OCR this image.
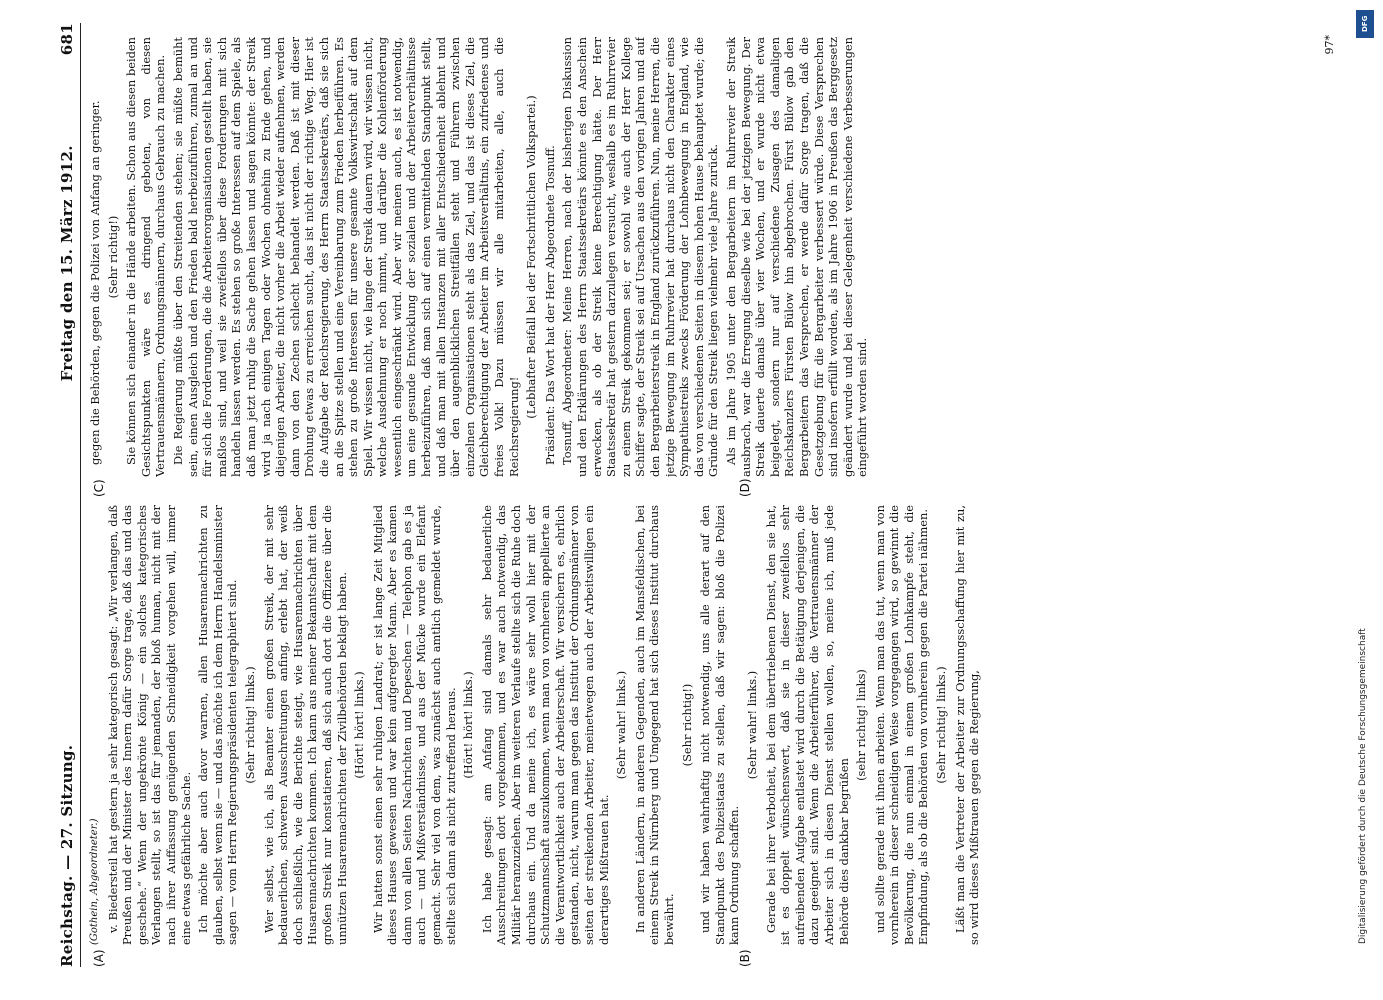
Reichstag. — 27. Sitzung.
Freitag den 15. März 1912.
681
(A)	(B)
(C)	(D)

(Gothein, Abgeordneter.) v. Biedersteil hat gestern ja sehr kategorisch gesagt: „Wir verlangen, daß Preußen und der Minister des Innern dafür Sorge trage, daß das und das geschehe.“ Wenn der ungekrönte König — ein solches kategorisches Verlangen stellt, so ist das für jemanden, der bloß human, nicht mit der nach ihrer Auffassung genügenden Schneidigkeit vorgehen will, immer eine etwas gefährliche Sache. Ich möchte aber auch davor warnen, allen Husarennachrichten zu glauben, selbst wenn sie — und das möchte ich dem Herrn Handelsminister sagen — vom Herrn Regierungspräsidenten telegraphiert sind. (Sehr richtig! links.) Wer selbst, wie ich, als Beamter einen großen Streik, der mit sehr bedauerlichen, schweren Ausschreitungen anfing, erlebt hat, der weiß doch schließlich, wie die Berichte steigt, wie Husarennachrichten über Husarennachrichten kommen. Ich kann aus meiner Bekanntschaft mit dem großen Streik nur konstatieren, daß sich auch dort die Offiziere über die unnützen Husarennachrichten der Zivilbehörden beklagt haben. (Hört! hört! links.) Wir hatten sonst einen sehr ruhigen Landrat; er ist lange Zeit Mitglied dieses Hauses gewesen und war kein aufgeregter Mann. Aber es kamen dann von allen Seiten Nachrichten und Depeschen — Telephon gab es ja auch — und Mißverständnisse, und aus der Mücke wurde ein Elefant gemacht. Sehr viel von dem, was zunächst auch amtlich gemeldet wurde, stellte sich dann als nicht zutreffend heraus. (Hört! hört! links.) Ich habe gesagt: am Anfang sind damals sehr bedauerliche Ausschreitungen dort vorgekommen, und es war auch notwendig, das Militär heranzuziehen. Aber im weiteren Verlaufe stellte sich die Ruhe doch durchaus ein. Und da meine ich, es wäre sehr wohl hier mit der Schutzmannschaft auszukommen, wenn man von vornherein appellierte an die Verantwortlichkeit auch der Arbeiterschaft. Wir versichern es, ehrlich gestanden, nicht, warum man gegen das Institut der Ordnungsmänner von seiten der streikenden Arbeiter, meinetwegen auch der Arbeitswilligen ein derartiges Mißtrauen hat.

(Sehr wahr! links.) In anderen Ländern, in anderen Gegenden, auch im Mansfeldischen, bei einem Streik in Nürnberg und Umgegend hat sich dieses Institut durchaus bewährt.

(Sehr richtig!) und wir haben wahrhaftig nicht notwendig, uns alle derart auf den Standpunkt des Polizeistaats zu stellen, daß wir sagen: bloß die Polizei kann Ordnung schaffen.

(Sehr wahr! links.) Gerade bei ihrer Verbotheit, bei dem übertriebenen Dienst, den sie hat, ist es doppelt wünschenswert, daß sie in dieser zweifellos sehr aufreibenden Aufgabe entlastet wird durch die Betätigung derjenigen, die dazu geeignet sind. Wenn die Arbeiterführer, die Vertrauensmänner der Arbeiter sich in diesen Dienst stellen wollen, so, meine ich, muß jede Behörde dies dankbar begrüßen

(sehr richtig! links) und sollte gerade mit ihnen arbeiten. Wenn man das tut, wenn man von vornherein in dieser schneidigen Weise vorgegangen wird, so gewinnt die Bevölkerung, die nun einmal in einem großen Lohnkampfe steht, die Empfindung, als ob die Behörden von vornherein gegen die Partei nähmen. (Sehr richtig! links.) Läßt man die Vertreter der Arbeiter zur Ordnungsschaffung hier mit zu, so wird dieses Mißtrauen gegen die Regierung,

gegen die Behörden, gegen die Polizei von Anfang an geringer. (Sehr richtig!) Sie können sich einander in die Hände arbeiten. Schon aus diesen beiden Gesichtspunkten wäre es dringend geboten, von diesen Vertrauensmännern, Ordnungsmännern, durchaus Gebrauch zu machen. Die Regierung müßte über den Streitenden stehen; sie müßte bemüht sein, einen Ausgleich und den Frieden bald herbeizuführen, zumal an und für sich die Forderungen, die die Arbeiterorganisationen gestellt haben, sie maßlos sind, und weil sie zweifellos über diese Forderungen mit sich handeln lassen werden. Es stehen so große Interessen auf dem Spiele, als daß man jetzt ruhig die Sache gehen lassen und sagen könnte: der Streik wird ja nach einigen Tagen oder Wochen ohnehin zu Ende gehen, und diejenigen Arbeiter, die nicht vorher die Arbeit wieder aufnehmen, werden dann von den Zechen schlecht behandelt werden. Daß ist mit dieser Drohung etwas zu erreichen sucht, das ist nicht der richtige Weg. Hier ist die Aufgabe der Reichsregierung, des Herrn Staatssekretärs, daß sie sich an die Spitze stellen und eine Vereinbarung zum Frieden herbeiführen. Es stehen zu große Interessen für unsere gesamte Volkswirtschaft auf dem Spiel. Wir wissen nicht, wie lange der Streik dauern wird, wir wissen nicht, welche Ausdehnung er noch nimmt, und darüber die Kohlenförderung wesentlich eingeschränkt wird. Aber wir meinen auch, es ist notwendig, um eine gesunde Entwicklung der sozialen und der Arbeiterverhältnisse herbeizuführen, daß man sich auf einen vermittelnden Standpunkt stellt, und daß man mit allen Instanzen mit aller Entschiedenheit ablehnt und über den augenblicklichen Streitfällen steht und Führern zwischen einzelnen Organisationen steht als das Ziel, und das ist dieses Ziel, die Gleichberechtigung der Arbeiter im Arbeitsverhältnis, ein zufriedenes und freies Volk! Dazu müssen wir alle mitarbeiten, alle, auch die Reichsregierung!

(Lebhafter Beifall bei der Fortschrittlichen Volkspartei.) Präsident: Das Wort hat der Herr Abgeordnete Tosnuff. Tosnuff, Abgeordneter: Meine Herren, nach der bisherigen Diskussion und den Erklärungen des Herrn Staatssekretärs könnte es den Anschein erwecken, als ob der Streik keine Berechtigung hätte. Der Herr Staatssekretär hat gestern darzulegen versucht, weshalb es im Ruhrrevier zu einem Streik gekommen sei; er sowohl wie auch der Herr Kollege Schiffer sagte, der Streik sei auf Ursachen aus den vorigen Jahren und auf den Bergarbeiterstreik in England zurückzuführen. Nun, meine Herren, die jetzige Bewegung im Ruhrrevier hat durchaus nicht den Charakter eines Sympathiestreiks zwecks Förderung der Lohnbewegung in England, wie das von verschiedenen Seiten in diesem hohen Hause behauptet wurde; die Gründe für den Streik liegen vielmehr viele Jahre zurück. Als im Jahre 1905 unter den Bergarbeitern im Ruhrrevier der Streik ausbrach, war die Erregung dieselbe wie bei der jetzigen Bewegung. Der Streik dauerte damals über vier Wochen, und er wurde nicht etwa beigelegt, sondern nur auf verschiedene Zusagen des damaligen Reichskanzlers Fürsten Bülow hin abgebrochen. Fürst Bülow gab den Bergarbeitern das Versprechen, er werde dafür Sorge tragen, daß die Gesetzgebung für die Bergarbeiter verbessert würde. Diese Versprechen sind insofern erfüllt worden, als im Jahre 1906 in Preußen das Berggesetz geändert wurde und bei dieser Gelegenheit verschiedene Verbesserungen eingeführt worden sind.

97*
DFG
Digitalisierung gefördert durch die Deutsche Forschungsgemeinschaft
